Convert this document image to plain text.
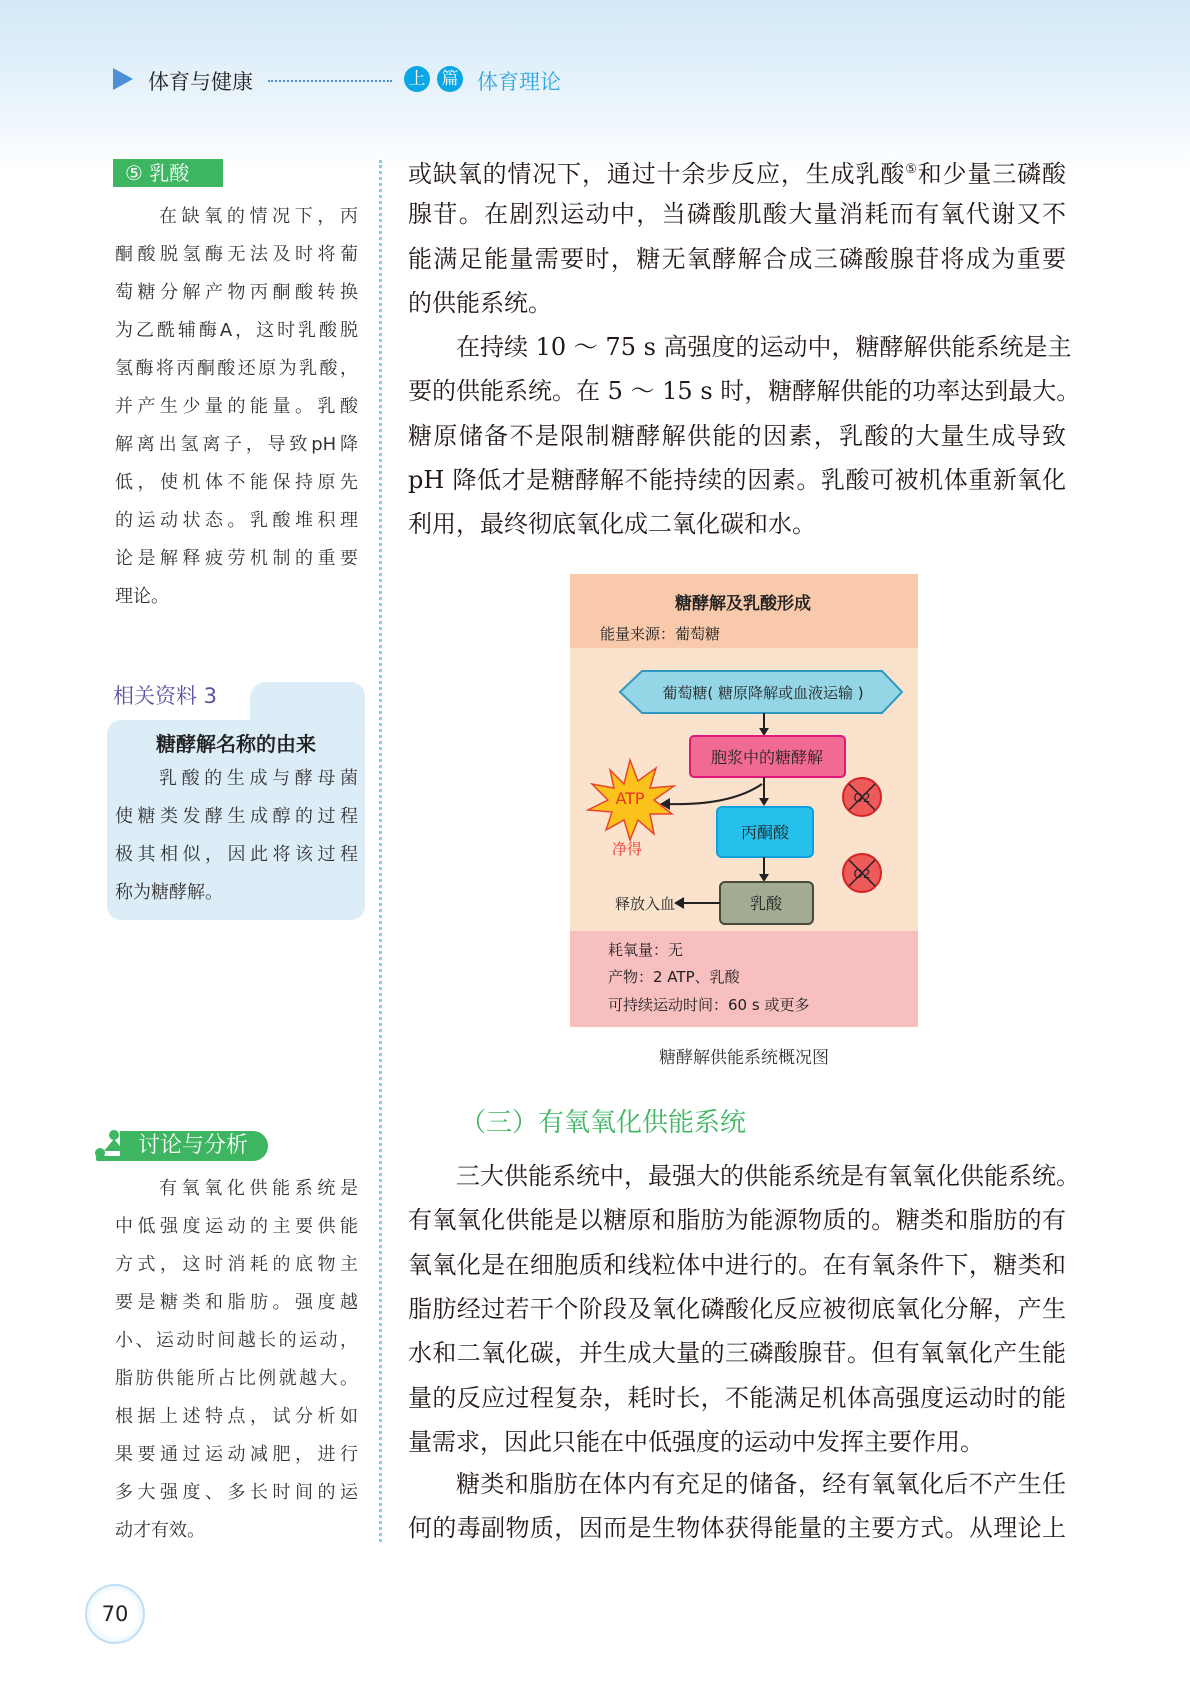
体育与健康	上 篇 体育理论
⑤ 乳酸
在缺氧的情况下，丙
酮酸脱氢酶无法及时将葡
萄糖分解产物丙酮酸转换
为乙酰辅酶A，这时乳酸脱
氢酶将丙酮酸还原为乳酸，
并产生少量的能量。乳酸
解离出氢离子，导致pH降
低，使机体不能保持原先
的运动状态。乳酸堆积理
论是解释疲劳机制的重要
理论。
相关资料 3
糖酵解名称的由来
乳酸的生成与酵母菌
使糖类发酵生成醇的过程
极其相似，因此将该过程
称为糖酵解。
讨论与分析
有氧氧化供能系统是
中低强度运动的主要供能
方式，这时消耗的底物主
要是糖类和脂肪。强度越
小、运动时间越长的运动，
脂肪供能所占比例就越大。
根据上述特点，试分析如
果要通过运动减肥，进行
多大强度、多长时间的运
动才有效。
或缺氧的情况下，通过十余步反应，生成乳酸⑤和少量三磷酸
腺苷。在剧烈运动中，当磷酸肌酸大量消耗而有氧代谢又不
能满足能量需要时，糖无氧酵解合成三磷酸腺苷将成为重要
的供能系统。
在持续 10 ～ 75 s 高强度的运动中，糖酵解供能系统是主
要的供能系统。在 5 ～ 15 s 时，糖酵解供能的功率达到最大。
糖原储备不是限制糖酵解供能的因素，乳酸的大量生成导致
pH 降低才是糖酵解不能持续的因素。乳酸可被机体重新氧化
利用，最终彻底氧化成二氧化碳和水。
糖酵解及乳酸形成
能量来源：葡萄糖
葡萄糖( 糖原降解或血液运输 )
胞浆中的糖酵解
ATP
净得
丙酮酸
乳酸
释放入血
O2
O2
耗氧量：无
产物：2 ATP、乳酸
可持续运动时间：60 s 或更多
糖酵解供能系统概况图
（三）有氧氧化供能系统
三大供能系统中，最强大的供能系统是有氧氧化供能系统。
有氧氧化供能是以糖原和脂肪为能源物质的。糖类和脂肪的有
氧氧化是在细胞质和线粒体中进行的。在有氧条件下，糖类和
脂肪经过若干个阶段及氧化磷酸化反应被彻底氧化分解，产生
水和二氧化碳，并生成大量的三磷酸腺苷。但有氧氧化产生能
量的反应过程复杂，耗时长，不能满足机体高强度运动时的能
量需求，因此只能在中低强度的运动中发挥主要作用。
糖类和脂肪在体内有充足的储备，经有氧氧化后不产生任
何的毒副物质，因而是生物体获得能量的主要方式。从理论上
70
